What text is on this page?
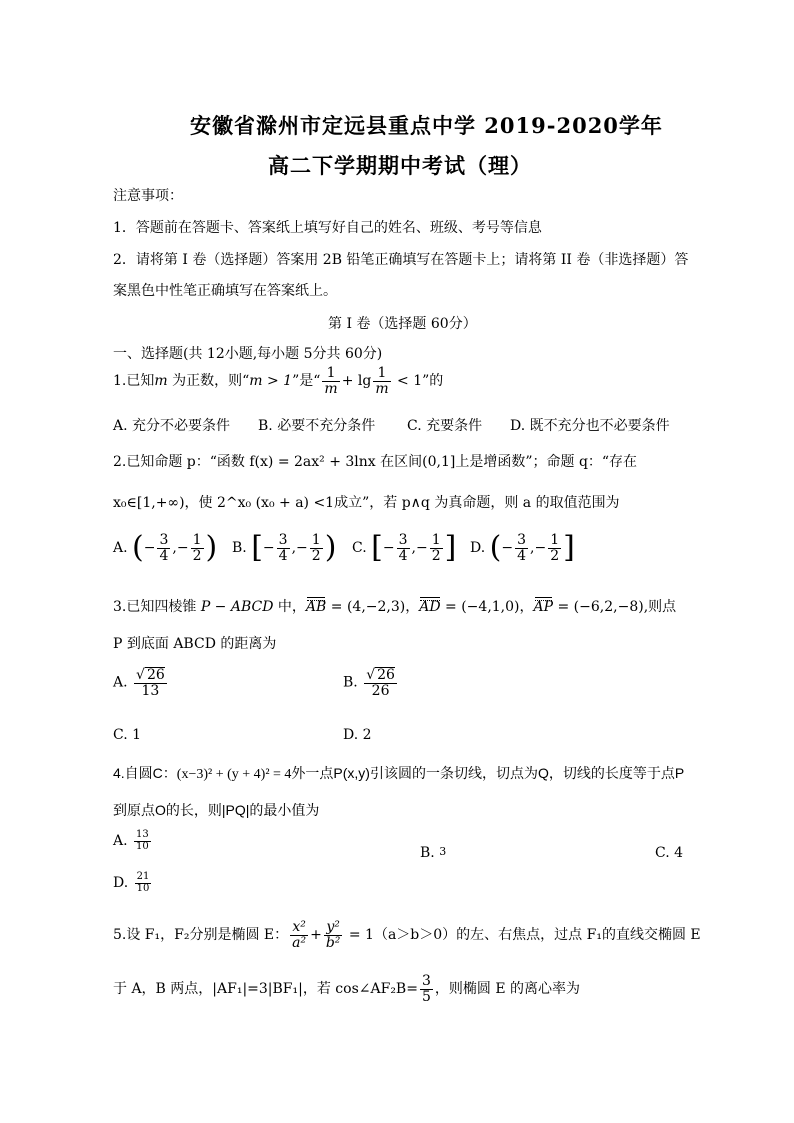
安徽省滁州市定远县重点中学 2019-2020学年
高二下学期期中考试（理）
注意事项：
1．答题前在答题卡、答案纸上填写好自己的姓名、班级、考号等信息
2．请将第 I 卷（选择题）答案用 2B 铅笔正确填写在答题卡上；请将第 II 卷（非选择题）答
案黑色中性笔正确填写在答案纸上。
第 I 卷（选择题 60分）
一、选择题(共 12小题,每小题 5分共 60分)
1.已知m 为正数，则“m > 1”是“ $\frac{1}{m} + \lg \frac{1}{m} < 1$”的
A. 充分不必要条件 B. 必要不充分条件 C. 充要条件 D. 既不充分也不必要条件
2.已知命题 p：“函数 f(x) = 2ax² + 3lnx 在区间(0,1]上是增函数”；命题 q：“存在
x₀∈[1,+∞)，使 2^x₀ (x₀ + a) <1成立”，若 p∧q 为真命题，则 a 的取值范围为
A. (− $\frac{3}{4}$ ,− $\frac{1}{2}$ ) B. [− $\frac{3}{4}$ ,− $\frac{1}{2}$ ) C. [− $\frac{3}{4}$ ,− $\frac{1}{2}$ ] D. (− $\frac{3}{4}$ ,− $\frac{1}{2}$ ]
3.已知四棱锥 P − ABCD 中，AB = (4,−2,3)，AD = (−4,1,0)，AP = (−6,2,−8),则点
P 到底面 ABCD 的距离为
A. $\frac{√ 26}{13}$	B. $\frac{√ 26}{26}$
C. 1	D. 2
4.自圆C：(x−3)² + (y + 4)² = 4外一点P(x,y)引该圆的一条切线，切点为Q，切线的长度等于点P
到原点O的长，则|PQ|的最小值为
A. $\frac{13}{10}$
B. $^3$	C. 4
D. $\frac{21}{10}$
5.设 F₁，F₂分别是椭圆 E： $\frac{\text{x²}}{\text{a²}} + \frac{\text{y²}}{\text{b²}} = 1(a>b>0)$的左、右焦点，过点 F₁的直线交椭圆 E
于 A，B 两点，|AF₁|=3|BF₁|，若 cos∠AF₂B= $\frac{3}{5}$ ，则椭圆 E 的离心率为
